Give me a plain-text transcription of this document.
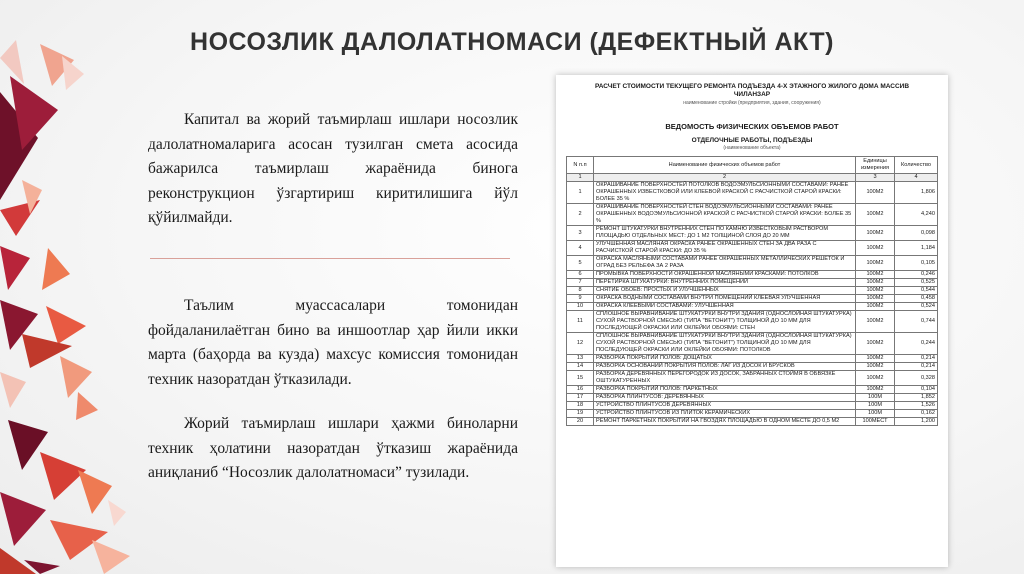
НОСОЗЛИК ДАЛОЛАТНОМАСИ (ДЕФЕКТНЫЙ АКТ)

Капитал ва жорий таъмирлаш ишлари носозлик далолатномаларига асосан тузилган смета асосида бажарилса таъмирлаш жараёнида бинога реконструкцион ўзгартириш киритилишига йўл қўйилмайди.

Таълим муассасалари томонидан фойдаланилаётган бино ва иншоотлар ҳар йили икки марта (баҳорда ва кузда) махсус комиссия томонидан техник назоратдан ўтказилади.

Жорий таъмирлаш ишлари ҳажми биноларни техник ҳолатини назоратдан ўтказиш жараёнида аниқланиб “Носозлик далолатномаси” тузилади.

РАСЧЕТ СТОИМОСТИ ТЕКУЩЕГО РЕМОНТА ПОДЪЕЗДА 4-Х ЭТАЖНОГО ЖИЛОГО ДОМА МАССИВ

ЧИЛАНЗАР

наименование стройки (предприятия, здания, сооружения)

ВЕДОМОСТЬ ФИЗИЧЕСКИХ ОБЪЕМОВ РАБОТ

ОТДЕЛОЧНЫЕ РАБОТЫ, ПОДЪЕЗДЫ

(наименование объекта)

N п.п	Наименование физических объемов работ	Единицы измерения	Количество
1	2	3	4
1	ОКРАШИВАНИЕ ПОВЕРХНОСТЕЙ ПОТОЛКОВ ВОДОЭМУЛЬСИОННЫМИ СОСТАВАМИ: РАНЕЕ ОКРАШЕННЫХ ИЗВЕСТКОВОЙ ИЛИ КЛЕЕВОЙ КРАСКОЙ С РАСЧИСТКОЙ СТАРОЙ КРАСКИ: БОЛЕЕ 35 %	100М2	1,806
2	ОКРАШИВАНИЕ ПОВЕРХНОСТЕЙ СТЕН ВОДОЭМУЛЬСИОННЫМИ СОСТАВАМИ: РАНЕЕ ОКРАШЕННЫХ ВОДОЭМУЛЬСИОННОЙ КРАСКОЙ С РАСЧИСТКОЙ СТАРОЙ КРАСКИ: БОЛЕЕ 35 %	100М2	4,240
3	РЕМОНТ ШТУКАТУРКИ ВНУТРЕННИХ СТЕН ПО КАМНЮ ИЗВЕСТКОВЫМ РАСТВОРОМ ПЛОЩАДЬЮ ОТДЕЛЬНЫХ МЕСТ: ДО 1 М2 ТОЛЩИНОЙ СЛОЯ ДО 20 ММ	100М2	0,098
4	УЛУЧШЕННАЯ МАСЛЯНАЯ ОКРАСКА РАНЕЕ ОКРАШЕННЫХ СТЕН ЗА ДВА РАЗА С РАСЧИСТКОЙ СТАРОЙ КРАСКИ: ДО 35 %	100М2	1,184
5	ОКРАСКА МАСЛЯНЫМИ СОСТАВАМИ РАНЕЕ ОКРАШЕННЫХ МЕТАЛЛИЧЕСКИХ РЕШЕТОК И ОГРАД БЕЗ РЕЛЬЕФА ЗА 2 РАЗА	100М2	0,105
6	ПРОМЫВКА ПОВЕРХНОСТИ ОКРАШЕННОЙ МАСЛЯНЫМИ КРАСКАМИ: ПОТОЛКОВ	100М2	0,246
7	ПЕРЕТИРКА ШТУКАТУРКИ: ВНУТРЕННИХ ПОМЕЩЕНИЙ	100М2	0,525
8	СНЯТИЕ ОБОЕВ: ПРОСТЫХ И УЛУЧШЕННЫХ	100М2	0,544
9	ОКРАСКА ВОДНЫМИ СОСТАВАМИ ВНУТРИ ПОМЕЩЕНИЙ КЛЕЕВАЯ УЛУЧШЕННАЯ	100М2	0,458
10	ОКРАСКА КЛЕЕВЫМИ СОСТАВАМИ: УЛУЧШЕННАЯ	100М2	0,524
11	СПЛОШНОЕ ВЫРАВНИВАНИЕ ШТУКАТУРКИ ВНУТРИ ЗДАНИЯ (ОДНОСЛОЙНАЯ ШТУКАТУРКА) СУХОЙ РАСТВОРНОЙ СМЕСЬЮ (ТИПА "ВЕТОНИТ") ТОЛЩИНОЙ ДО 10 ММ ДЛЯ ПОСЛЕДУЮЩЕЙ ОКРАСКИ ИЛИ ОКЛЕЙКИ ОБОЯМИ: СТЕН	100М2	0,744
12	СПЛОШНОЕ ВЫРАВНИВАНИЕ ШТУКАТУРКИ ВНУТРИ ЗДАНИЯ (ОДНОСЛОЙНАЯ ШТУКАТУРКА) СУХОЙ РАСТВОРНОЙ СМЕСЬЮ (ТИПА "ВЕТОНИТ") ТОЛЩИНОЙ ДО 10 ММ ДЛЯ ПОСЛЕДУЮЩЕЙ ОКРАСКИ ИЛИ ОКЛЕЙКИ ОБОЯМИ: ПОТОЛКОВ	100М2	0,244
13	РАЗБОРКА ПОКРЫТИЙ ПОЛОВ: ДОЩАТЫХ	100М2	0,214
14	РАЗБОРКА ОСНОВАНИЙ ПОКРЫТИЯ ПОЛОВ: ЛАГ ИЗ ДОСОК И БРУСКОВ	100М2	0,214
15	РАЗБОРКА ДЕРЕВЯННЫХ ПЕРЕГОРОДОК ИЗ ДОСОК, ЗАБРАННЫХ СТОЙМЯ В ОБВЯЗКЕ ОШТУКАТУРЕННЫХ	100М2	0,328
16	РАЗБОРКА ПОКРЫТИЙ ПОЛОВ: ПАРКЕТНЫХ	100М2	0,104
17	РАЗБОРКА ПЛИНТУСОВ: ДЕРЕВЯННЫХ	100М	1,852
18	УСТРОЙСТВО ПЛИНТУСОВ ДЕРЕВЯННЫХ	100М	1,526
19	УСТРОЙСТВО ПЛИНТУСОВ ИЗ ПЛИТОК КЕРАМИЧЕСКИХ	100М	0,162
20	РЕМОНТ ПАРКЕТНЫХ ПОКРЫТИЙ НА ГВОЗДЯХ ПЛОЩАДЬЮ В ОДНОМ МЕСТЕ ДО 0,5 М2	100МЕСТ	1,200
